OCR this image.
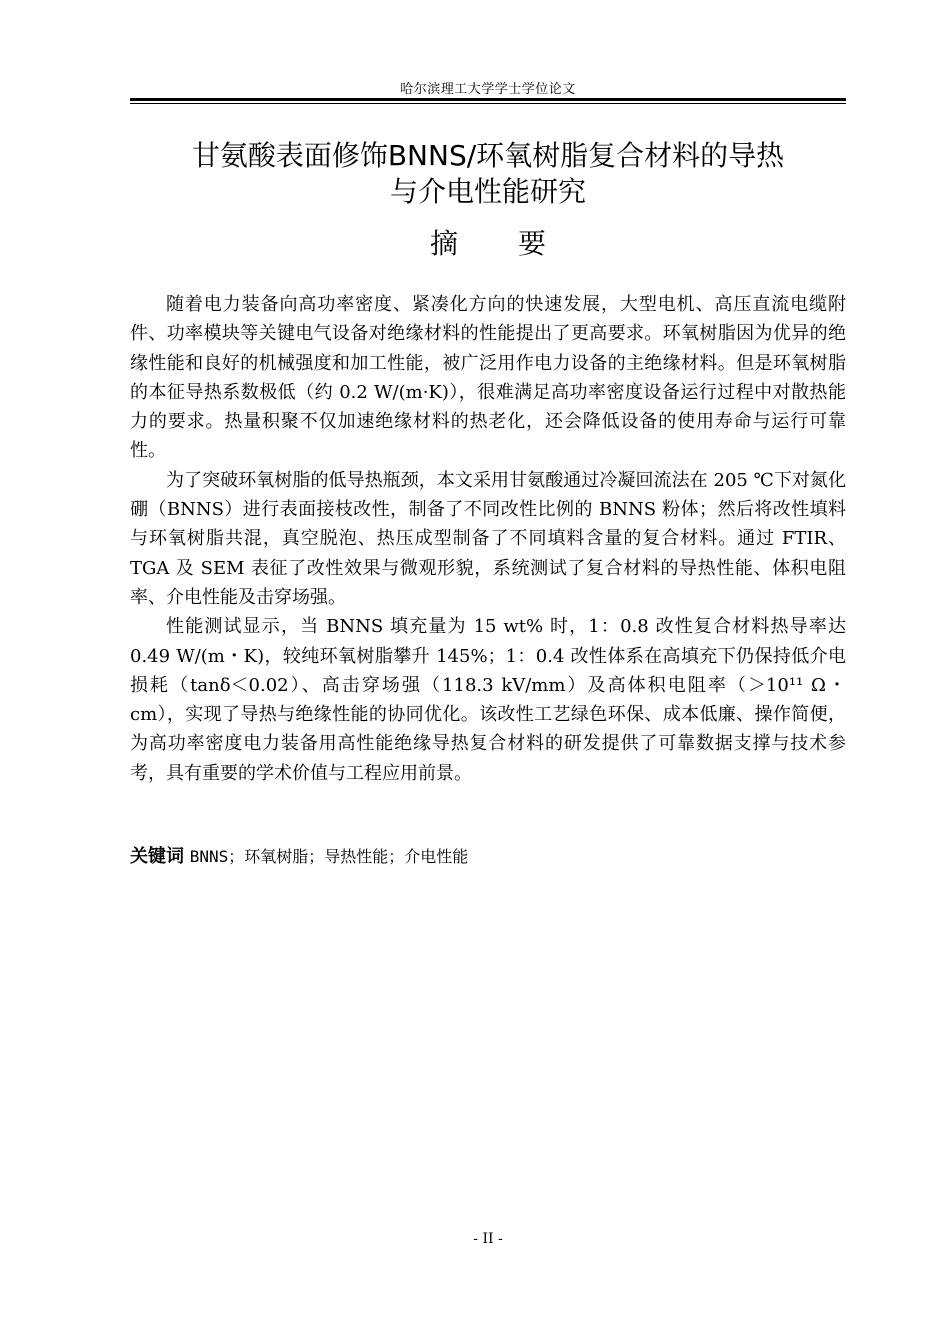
哈尔滨理工大学学士学位论文
甘氨酸表面修饰BNNS/环氧树脂复合材料的导热
与介电性能研究
摘要

随着电力装备向高功率密度、紧凑化方向的快速发展，大型电机、高压直流电缆附件、功率模块等关键电气设备对绝缘材料的性能提出了更高要求。环氧树脂因为优异的绝缘性能和良好的机械强度和加工性能，被广泛用作电力设备的主绝缘材料。但是环氧树脂的本征导热系数极低（约 0.2 W/(m·K)），很难满足高功率密度设备运行过程中对散热能力的要求。热量积聚不仅加速绝缘材料的热老化，还会降低设备的使用寿命与运行可靠性。

为了突破环氧树脂的低导热瓶颈，本文采用甘氨酸通过冷凝回流法在 205 ℃下对氮化硼（BNNS）进行表面接枝改性，制备了不同改性比例的 BNNS 粉体；然后将改性填料与环氧树脂共混，真空脱泡、热压成型制备了不同填料含量的复合材料。通过 FTIR、TGA 及 SEM 表征了改性效果与微观形貌，系统测试了复合材料的导热性能、体积电阻率、介电性能及击穿场强。

性能测试显示，当 BNNS 填充量为 15 wt% 时，1：0.8 改性复合材料热导率达 0.49 W/(m・K)，较纯环氧树脂攀升 145%；1：0.4 改性体系在高填充下仍保持低介电损耗（tanδ＜0.02）、高击穿场强（118.3 kV/mm）及高体积电阻率（＞10¹¹ Ω・cm），实现了导热与绝缘性能的协同优化。该改性工艺绿色环保、成本低廉、操作简便，为高功率密度电力装备用高性能绝缘导热复合材料的研发提供了可靠数据支撑与技术参考，具有重要的学术价值与工程应用前景。

关键词 BNNS；环氧树脂；导热性能；介电性能
- II -
